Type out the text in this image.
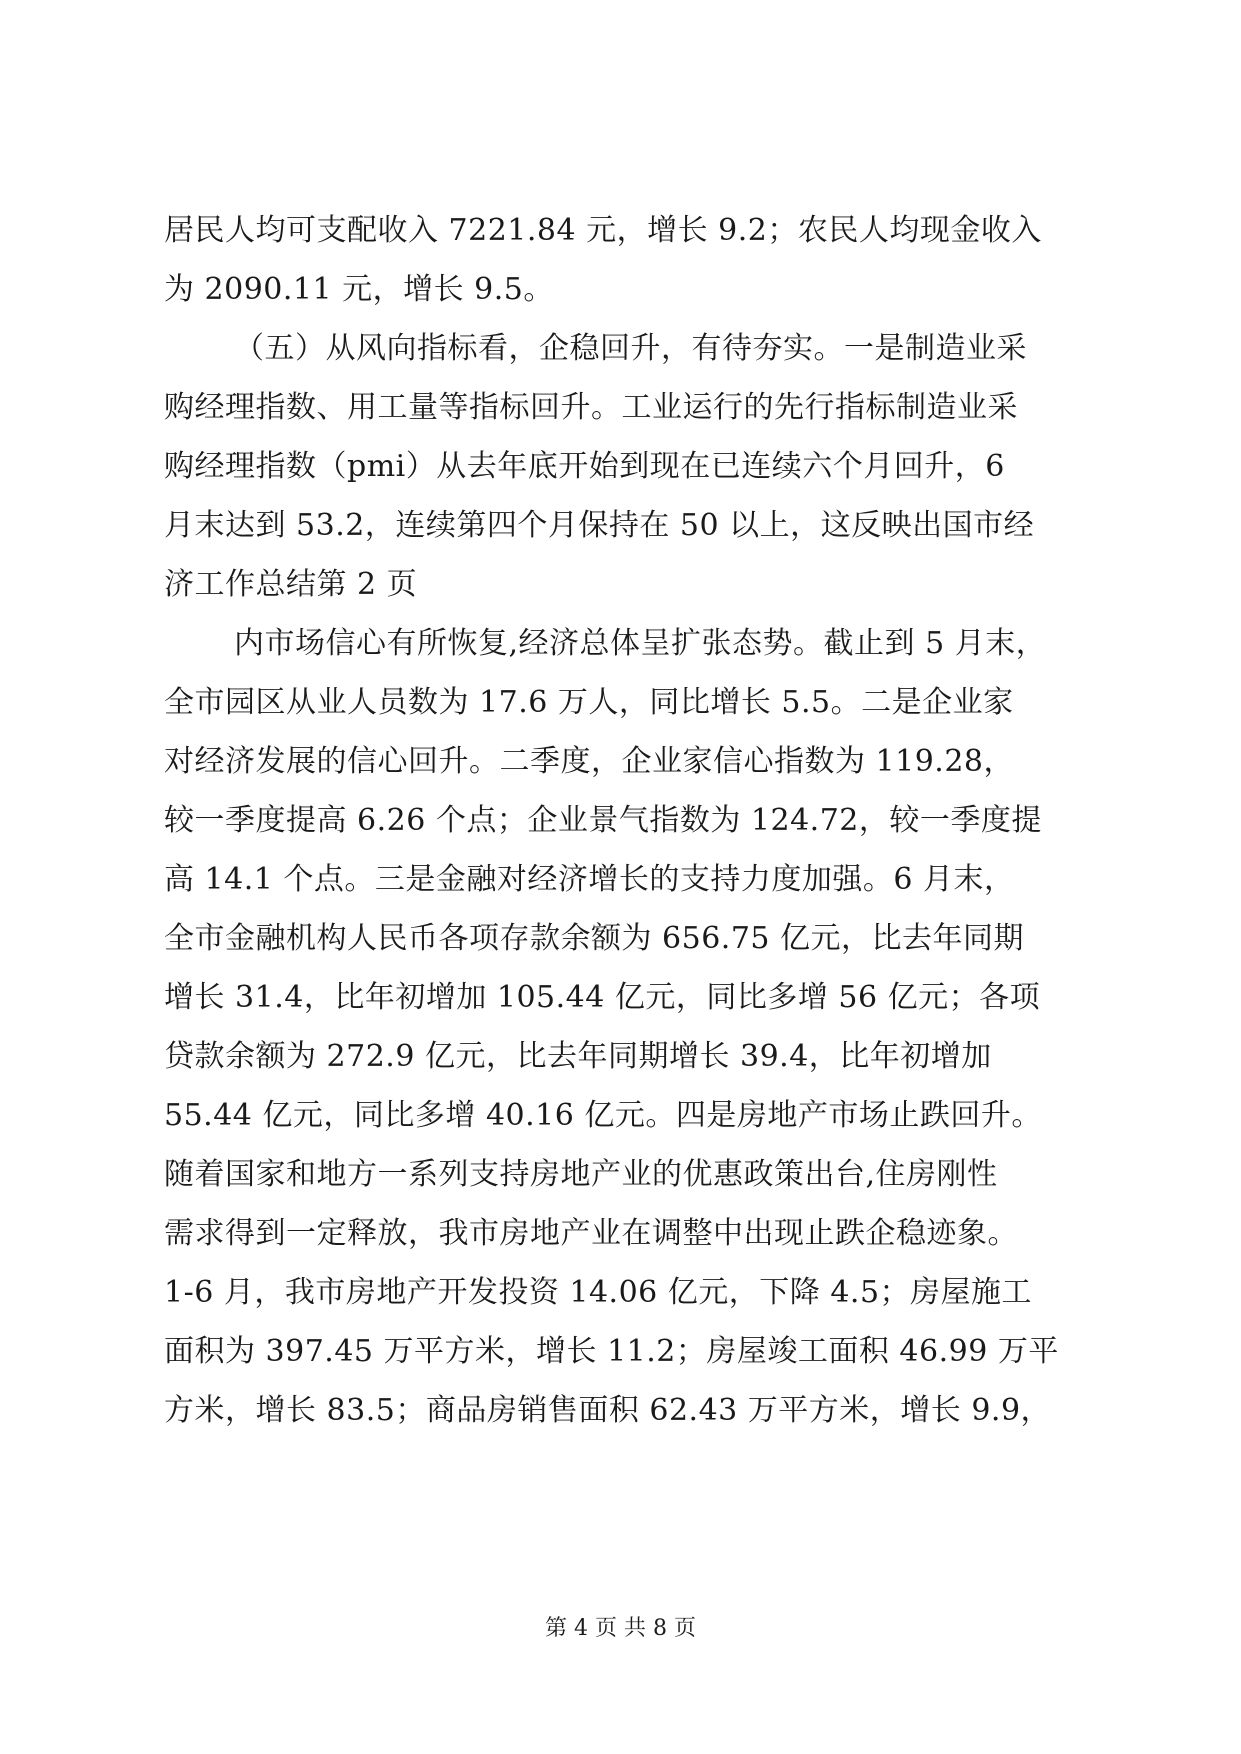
居民人均可支配收入 7221.84 元，增长 9.2；农民人均现金收入
为 2090.11 元，增长 9.5。
（五）从风向指标看，企稳回升，有待夯实。一是制造业采
购经理指数、用工量等指标回升。工业运行的先行指标制造业采
购经理指数（pmi）从去年底开始到现在已连续六个月回升，6
月末达到 53.2，连续第四个月保持在 50 以上，这反映出国市经
济工作总结第 2 页
内市场信心有所恢复,经济总体呈扩张态势。截止到 5 月末，
全市园区从业人员数为 17.6 万人，同比增长 5.5。二是企业家
对经济发展的信心回升。二季度，企业家信心指数为 119.28，
较一季度提高 6.26 个点；企业景气指数为 124.72，较一季度提
高 14.1 个点。三是金融对经济增长的支持力度加强。6 月末，
全市金融机构人民币各项存款余额为 656.75 亿元，比去年同期
增长 31.4，比年初增加 105.44 亿元，同比多增 56 亿元；各项
贷款余额为 272.9 亿元，比去年同期增长 39.4，比年初增加
55.44 亿元，同比多增 40.16 亿元。四是房地产市场止跌回升。
随着国家和地方一系列支持房地产业的优惠政策出台,住房刚性
需求得到一定释放，我市房地产业在调整中出现止跌企稳迹象。
1-6 月，我市房地产开发投资 14.06 亿元，下降 4.5；房屋施工
面积为 397.45 万平方米，增长 11.2；房屋竣工面积 46.99 万平
方米，增长 83.5；商品房销售面积 62.43 万平方米，增长 9.9，
第 4 页 共 8 页
